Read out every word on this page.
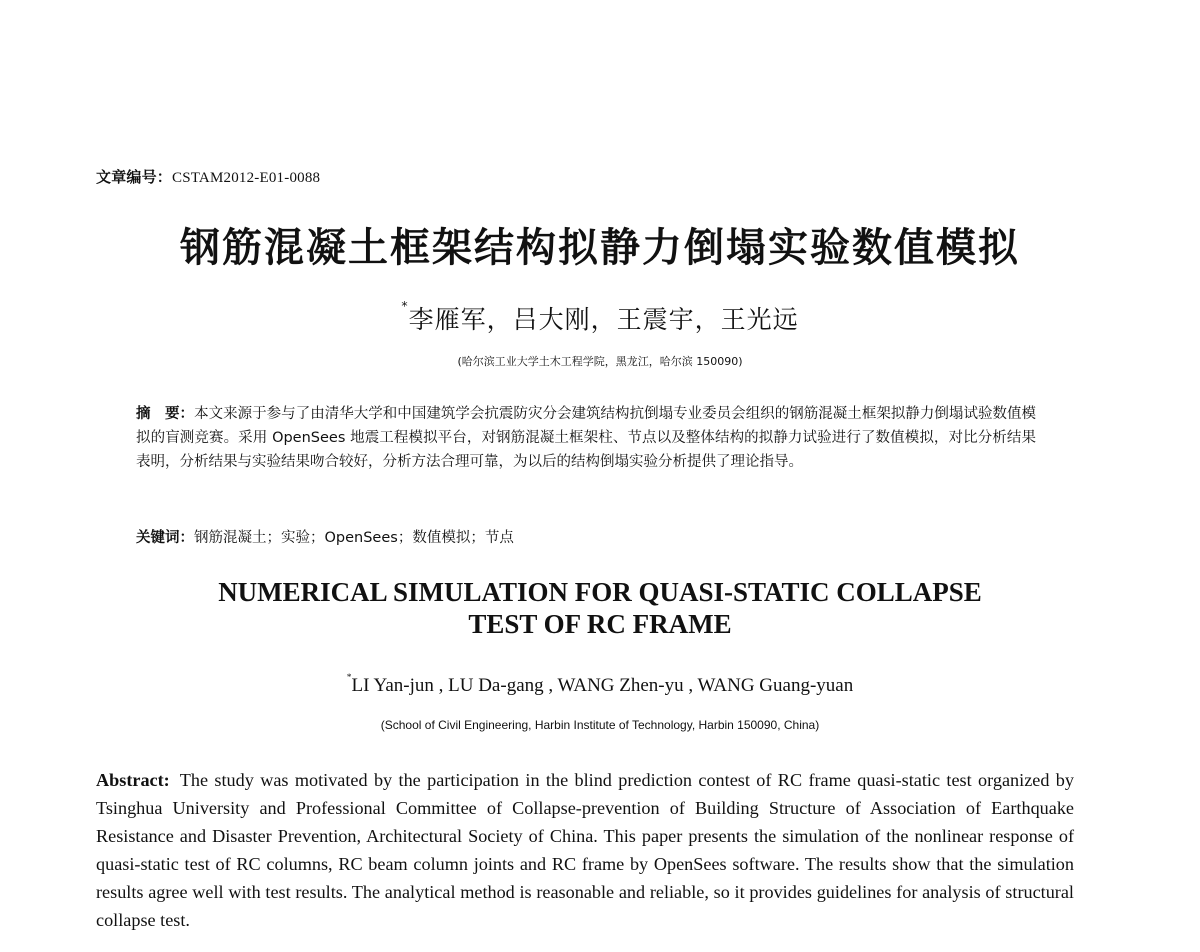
文章编号：CSTAM2012-E01-0088
钢筋混凝土框架结构拟静力倒塌实验数值模拟
*李雁军，吕大刚，王震宇，王光远
(哈尔滨工业大学土木工程学院，黑龙江，哈尔滨 150090)
摘　要：本文来源于参与了由清华大学和中国建筑学会抗震防灾分会建筑结构抗倒塌专业委员会组织的钢筋混凝土框架拟静力倒塌试验数值模拟的盲测竞赛。采用 OpenSees 地震工程模拟平台，对钢筋混凝土框架柱、节点以及整体结构的拟静力试验进行了数值模拟，对比分析结果表明，分析结果与实验结果吻合较好，分析方法合理可靠，为以后的结构倒塌实验分析提供了理论指导。
关键词：钢筋混凝土；实验；OpenSees；数值模拟；节点
NUMERICAL SIMULATION FOR QUASI-STATIC COLLAPSE
TEST OF RC FRAME
*LI Yan-jun , LU Da-gang , WANG Zhen-yu , WANG Guang-yuan
(School of Civil Engineering, Harbin Institute of Technology, Harbin 150090, China)
Abstract: The study was motivated by the participation in the blind prediction contest of RC frame quasi-static test organized by Tsinghua University and Professional Committee of Collapse-prevention of Building Structure of Association of Earthquake Resistance and Disaster Prevention, Architectural Society of China. This paper presents the simulation of the nonlinear response of quasi-static test of RC columns, RC beam column joints and RC frame by OpenSees software. The results show that the simulation results agree well with test results. The analytical method is reasonable and reliable, so it provides guidelines for analysis of structural collapse test.
